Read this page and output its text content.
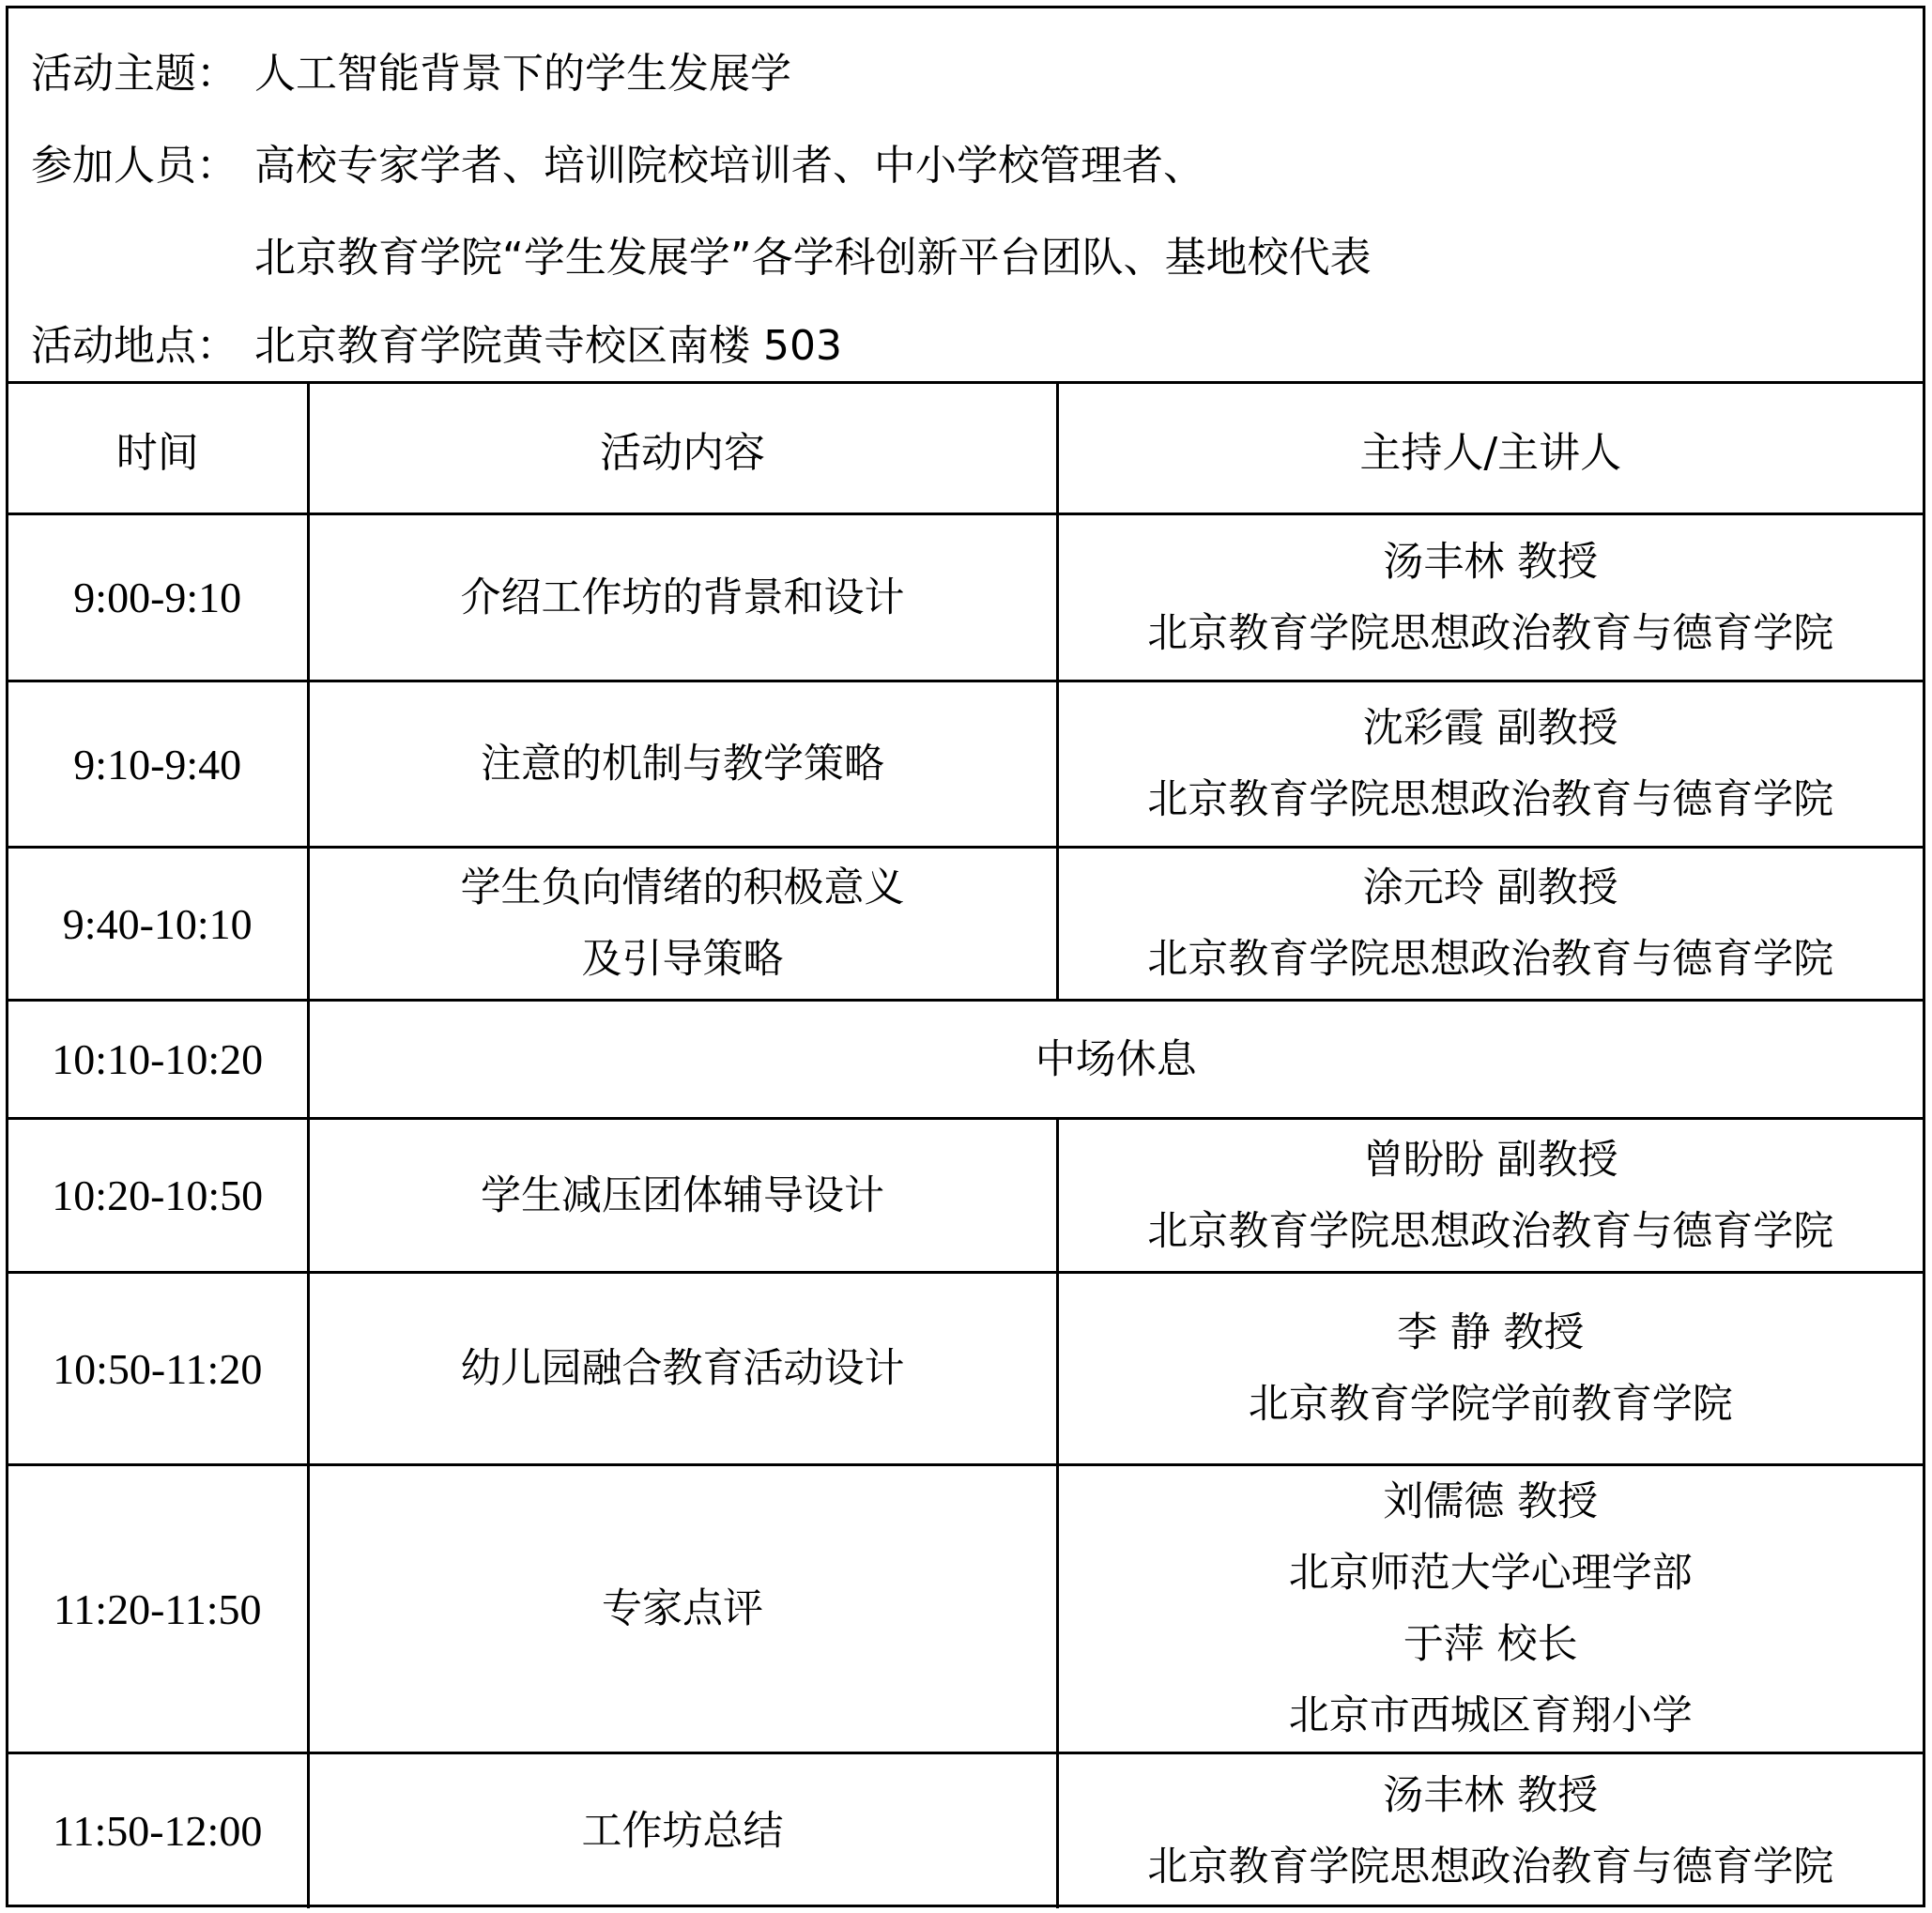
活动主题： 人工智能背景下的学生发展学
参加人员： 高校专家学者、培训院校培训者、中小学校管理者、
北京教育学院“学生发展学”各学科创新平台团队、基地校代表
活动地点： 北京教育学院黄寺校区南楼 503
时间	活动内容	主持人/主讲人
9:00-9:10	介绍工作坊的背景和设计	汤丰林 教授
北京教育学院思想政治教育与德育学院

9:10-9:40	注意的机制与教学策略	沈彩霞 副教授
北京教育学院思想政治教育与德育学院

9:40-10:10	学生负向情绪的积极意义
及引导策略	涂元玲 副教授
北京教育学院思想政治教育与德育学院

10:10-10:20	中场休息	
10:20-10:50	学生减压团体辅导设计	曾盼盼 副教授
北京教育学院思想政治教育与德育学院

10:50-11:20	幼儿园融合教育活动设计	李 静 教授
北京教育学院学前教育学院

11:20-11:50	专家点评	刘儒德 教授
北京师范大学心理学部
于萍 校长
北京市西城区育翔小学

11:50-12:00	工作坊总结	汤丰林 教授
北京教育学院思想政治教育与德育学院
